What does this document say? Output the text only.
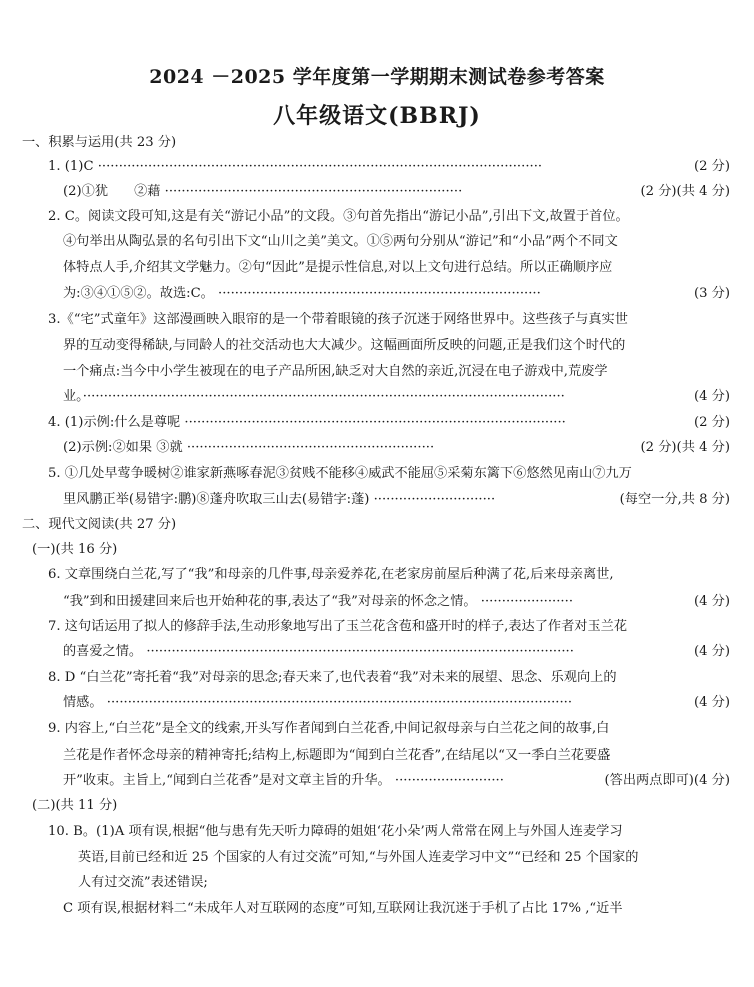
2024 －2025 学年度第一学期期末测试卷参考答案
八年级语文(BBRJ)
一、积累与运用(共 23 分)
1. (1)C ··········································································································	(2 分)
(2)①犹 ②藉 ·······································································	(2 分)(共 4 分)
2. C。阅读文段可知,这是有关“游记小品”的文段。③句首先指出“游记小品”,引出下文,故置于首位。
④句举出从陶弘景的名句引出下文“山川之美”美文。①⑤两句分别从“游记”和“小品”两个不同文
体特点人手,介绍其文学魅力。②句“因此”是提示性信息,对以上文句进行总结。所以正确顺序应
为:③④①⑤②。故选:C。 ·············································································	(3 分)
3.《“宅”式童年》这部漫画映入眼帘的是一个带着眼镜的孩子沉迷于网络世界中。这些孩子与真实世
界的互动变得稀缺,与同龄人的社交活动也大大减少。这幅画面所反映的问题,正是我们这个时代的
一个痛点:当今中小学生被现在的电子产品所困,缺乏对大自然的亲近,沉浸在电子游戏中,荒废学
业。···················································································································	(4 分)
4. (1)示例:什么是尊呢 ···························································································	(2 分)
(2)示例:②如果 ③就 ···························································	(2 分)(共 4 分)
5. ①几处早莺争暖树②谁家新燕啄春泥③贫贱不能移④威武不能屈⑤采菊东篱下⑥悠然见南山⑦九万
里风鹏正举(易错字:鹏)⑧蓬舟吹取三山去(易错字:蓬) ·····························	(每空一分,共 8 分)
二、现代文阅读(共 27 分)
(一)(共 16 分)
6. 文章围绕白兰花,写了“我”和母亲的几件事,母亲爱养花,在老家房前屋后种满了花,后来母亲离世,
“我”到和田援建回来后也开始种花的事,表达了“我”对母亲的怀念之情。 ······················	(4 分)
7. 这句话运用了拟人的修辞手法,生动形象地写出了玉兰花含苞和盛开时的样子,表达了作者对玉兰花
的喜爱之情。 ······································································································	(4 分)
8. D “白兰花”寄托着“我”对母亲的思念;春天来了,也代表着“我”对未来的展望、思念、乐观向上的
情感。 ···············································································································	(4 分)
9. 内容上,“白兰花”是全文的线索,开头写作者闻到白兰花香,中间记叙母亲与白兰花之间的故事,白
兰花是作者怀念母亲的精神寄托;结构上,标题即为“闻到白兰花香”,在结尾以“又一季白兰花要盛
开”收束。主旨上,“闻到白兰花香”是对文章主旨的升华。 ··························	(答出两点即可)(4 分)
(二)(共 11 分)
10. B。(1)A 项有误,根据“他与患有先天听力障碍的姐姐‘花小朵’两人常常在网上与外国人连麦学习
英语,目前已经和近 25 个国家的人有过交流”可知,“与外国人连麦学习中文”“已经和 25 个国家的
人有过交流”表述错误;
C 项有误,根据材料二“未成年人对互联网的态度”可知,互联网让我沉迷于手机了占比 17% ,“近半
